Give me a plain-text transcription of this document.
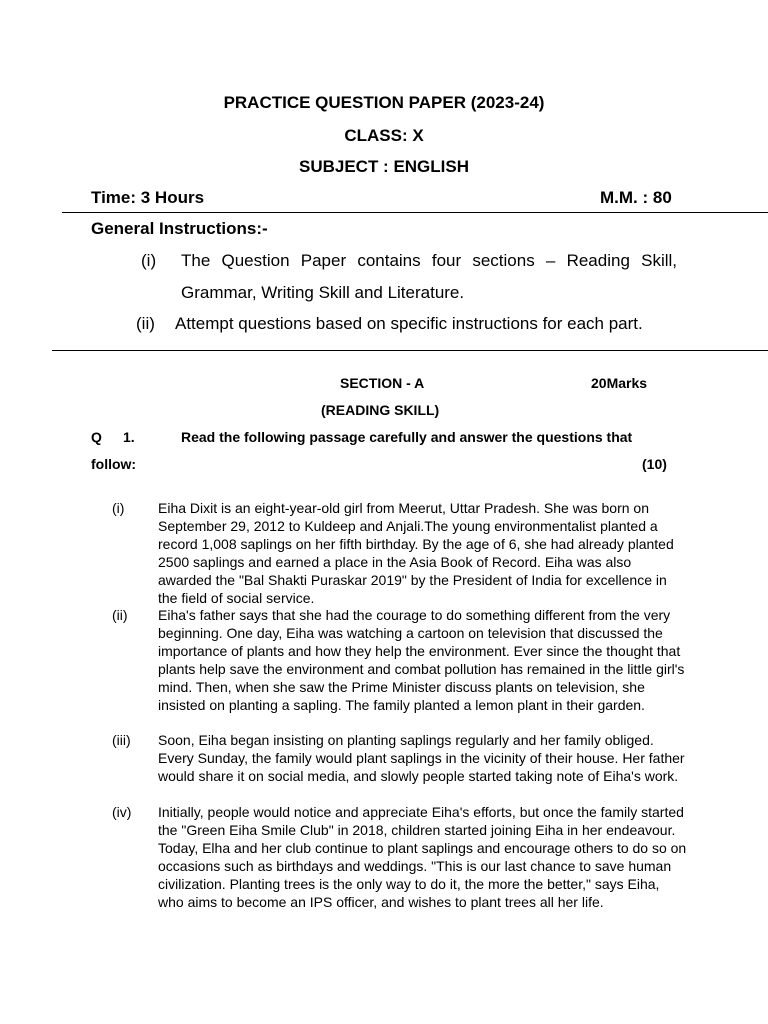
PRACTICE QUESTION PAPER (2023-24)
CLASS: X
SUBJECT : ENGLISH
Time: 3 Hours	M.M. : 80
General Instructions:-
(i) The Question Paper contains four sections – Reading Skill,
Grammar, Writing Skill and Literature.
(ii) Attempt questions based on specific instructions for each part.
SECTION - A	20Marks
(READING SKILL)
Q 1.	Read the following passage carefully and answer the questions that
follow:	(10)
(i) Eiha Dixit is an eight-year-old girl from Meerut, Uttar Pradesh. She was born on September 29, 2012 to Kuldeep and Anjali.The young environmentalist planted a record 1,008 saplings on her fifth birthday. By the age of 6, she had already planted 2500 saplings and earned a place in the Asia Book of Record. Eiha was also awarded the "Bal Shakti Puraskar 2019" by the President of India for excellence in the field of social service.
(ii) Eiha's father says that she had the courage to do something different from the very beginning. One day, Eiha was watching a cartoon on television that discussed the importance of plants and how they help the environment. Ever since the thought that plants help save the environment and combat pollution has remained in the little girl's mind. Then, when she saw the Prime Minister discuss plants on television, she insisted on planting a sapling. The family planted a lemon plant in their garden.
(iii) Soon, Eiha began insisting on planting saplings regularly and her family obliged. Every Sunday, the family would plant saplings in the vicinity of their house. Her father would share it on social media, and slowly people started taking note of Eiha's work.
(iv) Initially, people would notice and appreciate Eiha's efforts, but once the family started the "Green Eiha Smile Club" in 2018, children started joining Eiha in her endeavour. Today, Elha and her club continue to plant saplings and encourage others to do so on occasions such as birthdays and weddings. "This is our last chance to save human civilization. Planting trees is the only way to do it, the more the better," says Eiha, who aims to become an IPS officer, and wishes to plant trees all her life.
